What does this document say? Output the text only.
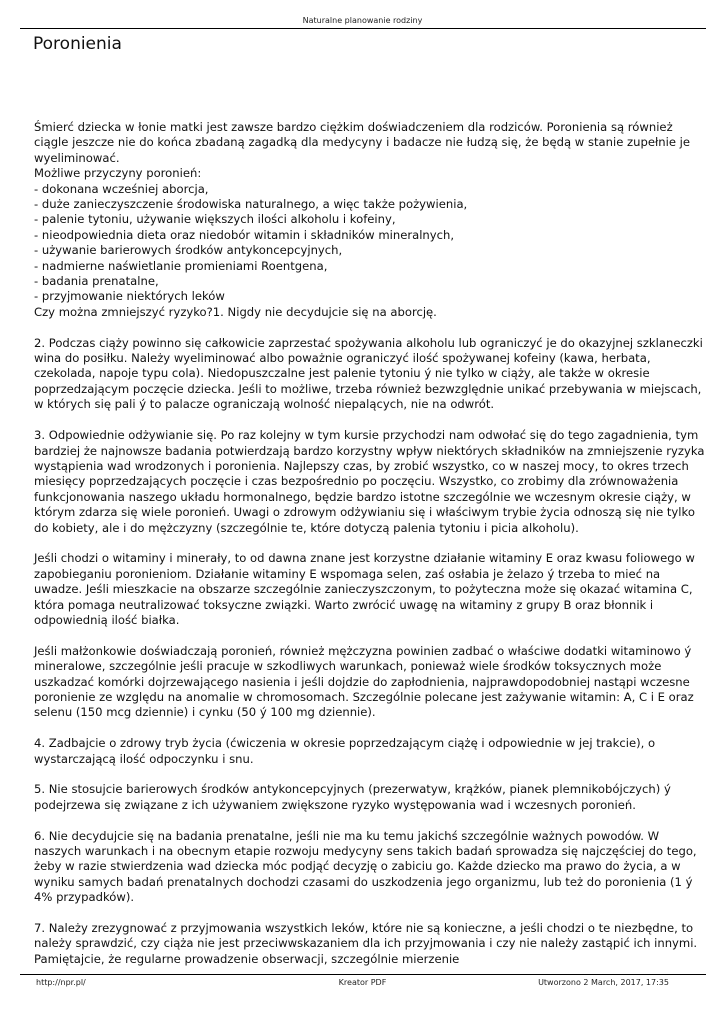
Naturalne planowanie rodziny
Poronienia

Śmierć dziecka w łonie matki jest zawsze bardzo ciężkim doświadczeniem dla rodziców. Poronienia są również ciągle jeszcze nie do końca zbadaną zagadką dla medycyny i badacze nie łudzą się, że będą w stanie zupełnie je wyeliminować.

Możliwe przyczyny poronień:

- dokonana wcześniej aborcja,
- duże zanieczyszczenie środowiska naturalnego, a więc także pożywienia,
- palenie tytoniu, używanie większych ilości alkoholu i kofeiny,
- nieodpowiednia dieta oraz niedobór witamin i składników mineralnych,
- używanie barierowych środków antykoncepcyjnych,
- nadmierne naświetlanie promieniami Roentgena,
- badania prenatalne,
- przyjmowanie niektórych leków

Czy można zmniejszyć ryzyko?1. Nigdy nie decydujcie się na aborcję.

2. Podczas ciąży powinno się całkowicie zaprzestać spożywania alkoholu lub ograniczyć je do okazyjnej szklaneczki wina do posiłku. Należy wyeliminować albo poważnie ograniczyć ilość spożywanej kofeiny (kawa, herbata, czekolada, napoje typu cola). Niedopuszczalne jest palenie tytoniu ý nie tylko w ciąży, ale także w okresie poprzedzającym poczęcie dziecka. Jeśli to możliwe, trzeba również bezwzględnie unikać przebywania w miejscach, w których się pali ý to palacze ograniczają wolność niepalących, nie na odwrót.

3. Odpowiednie odżywianie się. Po raz kolejny w tym kursie przychodzi nam odwołać się do tego zagadnienia, tym bardziej że najnowsze badania potwierdzają bardzo korzystny wpływ niektórych składników na zmniejszenie ryzyka wystąpienia wad wrodzonych i poronienia. Najlepszy czas, by zrobić wszystko, co w naszej mocy, to okres trzech miesięcy poprzedzających poczęcie i czas bezpośrednio po poczęciu. Wszystko, co zrobimy dla zrównoważenia funkcjonowania naszego układu hormonalnego, będzie bardzo istotne szczególnie we wczesnym okresie ciąży, w którym zdarza się wiele poronień. Uwagi o zdrowym odżywianiu się i właściwym trybie życia odnoszą się nie tylko do kobiety, ale i do mężczyzny (szczególnie te, które dotyczą palenia tytoniu i picia alkoholu).

Jeśli chodzi o witaminy i minerały, to od dawna znane jest korzystne działanie witaminy E oraz kwasu foliowego w zapobieganiu poronieniom. Działanie witaminy E wspomaga selen, zaś osłabia je żelazo ý trzeba to mieć na uwadze. Jeśli mieszkacie na obszarze szczególnie zanieczyszczonym, to pożyteczna może się okazać witamina C, która pomaga neutralizować toksyczne związki. Warto zwrócić uwagę na witaminy z grupy B oraz błonnik i odpowiednią ilość białka.

Jeśli małżonkowie doświadczają poronień, również mężczyzna powinien zadbać o właściwe dodatki witaminowo ý mineralowe, szczególnie jeśli pracuje w szkodliwych warunkach, ponieważ wiele środków toksycznych może uszkadzać komórki dojrzewającego nasienia i jeśli dojdzie do zapłodnienia, najprawdopodobniej nastąpi wczesne poronienie ze względu na anomalie w chromosomach. Szczególnie polecane jest zażywanie witamin: A, C i E oraz selenu (150 mcg dziennie) i cynku (50 ý 100 mg dziennie).

4. Zadbajcie o zdrowy tryb życia (ćwiczenia w okresie poprzedzającym ciążę i odpowiednie w jej trakcie), o wystarczającą ilość odpoczynku i snu.

5. Nie stosujcie barierowych środków antykoncepcyjnych (prezerwatyw, krążków, pianek plemnikobójczych) ý podejrzewa się związane z ich używaniem zwiększone ryzyko występowania wad i wczesnych poronień.

6. Nie decydujcie się na badania prenatalne, jeśli nie ma ku temu jakichś szczególnie ważnych powodów. W naszych warunkach i na obecnym etapie rozwoju medycyny sens takich badań sprowadza się najczęściej do tego, żeby w razie stwierdzenia wad dziecka móc podjąć decyzję o zabiciu go. Każde dziecko ma prawo do życia, a w wyniku samych badań prenatalnych dochodzi czasami do uszkodzenia jego organizmu, lub też do poronienia (1 ý 4% przypadków).

7. Należy zrezygnować z przyjmowania wszystkich leków, które nie są konieczne, a jeśli chodzi o te niezbędne, to należy sprawdzić, czy ciąża nie jest przeciwwskazaniem dla ich przyjmowania i czy nie należy zastąpić ich innymi. Pamiętajcie, że regularne prowadzenie obserwacji, szczególnie mierzenie

http://npr.pl/	Kreator PDF	Utworzono 2 March, 2017, 17:35
